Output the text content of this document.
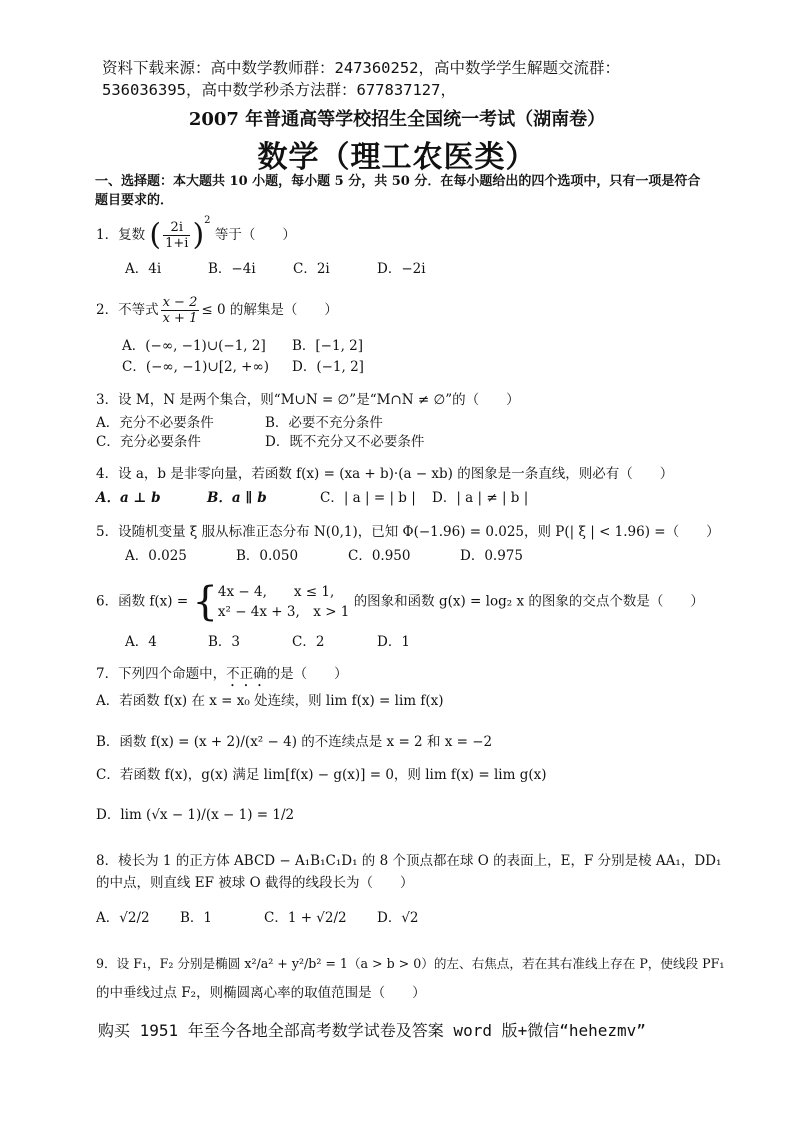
资料下载来源：高中数学教师群：247360252，高中数学学生解题交流群：
536036395，高中数学秒杀方法群：677837127，
2007 年普通高等学校招生全国统一考试（湖南卷）
数学（理工农医类）
一、选择题：本大题共 10 小题，每小题 5 分，共 50 分．在每小题给出的四个选项中，只有一项是符合题目要求的．
1．复数 ( $\frac{2i}{1+i} )^2$ 等于（　　）
A．4i	B．−4i	C．2i	D．−2i
2．不等式 $\frac{x - 2}{x + 1} \le 0$ 的解集是（　　）
A．(−∞, −1)∪(−1, 2] B．[−1, 2]
C．(−∞, −1)∪[2, +∞) D．(−1, 2]
3．设 M，N 是两个集合，则“M∪N = ∅”是“M∩N ≠ ∅”的（　　）
A．充分不必要条件	B．必要不充分条件
C．充分必要条件	D．既不充分又不必要条件
4．设 a，b 是非零向量，若函数 f(x) = (xa + b)·(a − xb) 的图象是一条直线，则必有（　　）
A．a ⊥ b	B．a ∥ b	C．| a | = | b | D．| a | ≠ | b |
5．设随机变量 ξ 服从标准正态分布 N(0,1)，已知 Φ(−1.96) = 0.025，则 P(| ξ | < 1.96) =（　　）
A．0.025	B．0.050	C．0.950	D．0.975
6．函数 f(x) = { 4x − 4,　　x ≤ 1,
x² − 4x + 3,　x > 1
的图象和函数 g(x) = log₂ x 的图象的交点个数是（　　）
A．4	B．3	C．2	D．1
7．下列四个命题中，不正确的是（　　）
A．若函数 f(x) 在 x = x₀ 处连续，则 lim f(x) = lim f(x)
B．函数 f(x) = (x + 2)/(x² − 4) 的不连续点是 x = 2 和 x = −2
C．若函数 f(x)，g(x) 满足 lim[f(x) − g(x)] = 0，则 lim f(x) = lim g(x)
D．lim (√x − 1)/(x − 1) = 1/2
8．棱长为 1 的正方体 ABCD − A₁B₁C₁D₁ 的 8 个顶点都在球 O 的表面上，E，F 分别是棱 AA₁，DD₁
的中点，则直线 EF 被球 O 截得的线段长为（　　）
A．√2/2 B．1	C．1 + √2/2 D．√2
9．设 F₁，F₂ 分别是椭圆 x²/a² + y²/b² = 1（a > b > 0）的左、右焦点，若在其右准线上存在 P，使线段 PF₁
的中垂线过点 F₂，则椭圆离心率的取值范围是（　　）
购买 1951 年至今各地全部高考数学试卷及答案 word 版+微信“hehezmv”
